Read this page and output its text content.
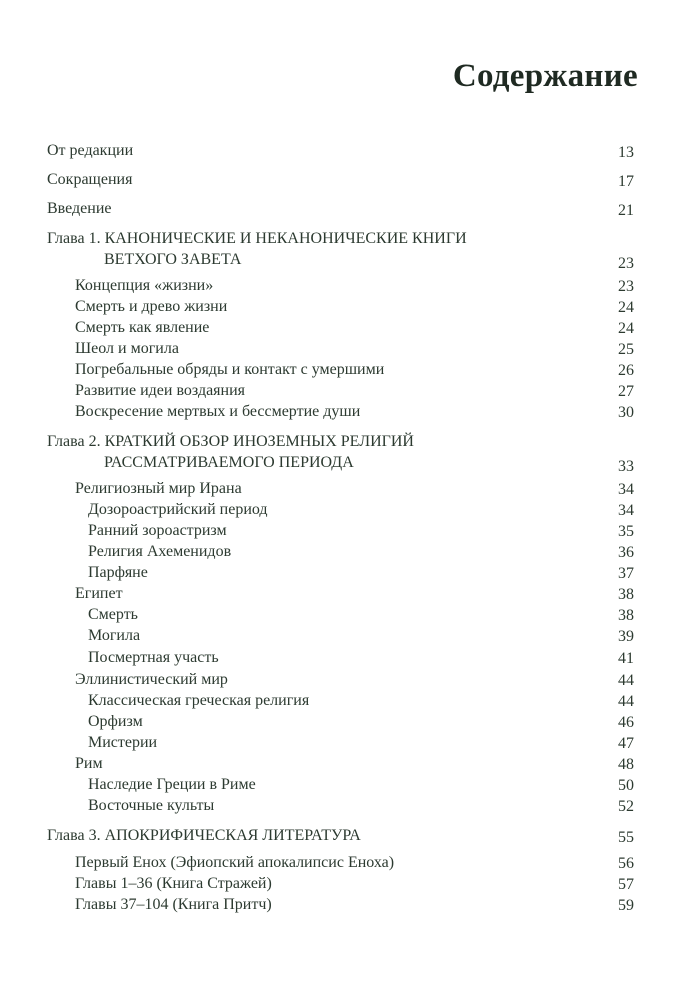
Содержание
От редакции	13
Сокращения	17
Введение	21
Глава 1. КАНОНИЧЕСКИЕ И НЕКАНОНИЧЕСКИЕ КНИГИ
ВЕТХОГО ЗАВЕТА	23
Концепция «жизни»	23
Смерть и древо жизни	24
Смерть как явление	24
Шеол и могила	25
Погребальные обряды и контакт с умершими	26
Развитие идеи воздаяния	27
Воскресение мертвых и бессмертие души	30
Глава 2. КРАТКИЙ ОБЗОР ИНОЗЕМНЫХ РЕЛИГИЙ
РАССМАТРИВАЕМОГО ПЕРИОДА	33
Религиозный мир Ирана	34
Дозороастрийский период	34
Ранний зороастризм	35
Религия Ахеменидов	36
Парфяне	37
Египет	38
Смерть	38
Могила	39
Посмертная участь	41
Эллинистический мир	44
Классическая греческая религия	44
Орфизм	46
Мистерии	47
Рим	48
Наследие Греции в Риме	50
Восточные культы	52
Глава 3. АПОКРИФИЧЕСКАЯ ЛИТЕРАТУРА	55
Первый Енох (Эфиопский апокалипсис Еноха)	56
Главы 1–36 (Книга Стражей)	57
Главы 37–104 (Книга Притч)	59
